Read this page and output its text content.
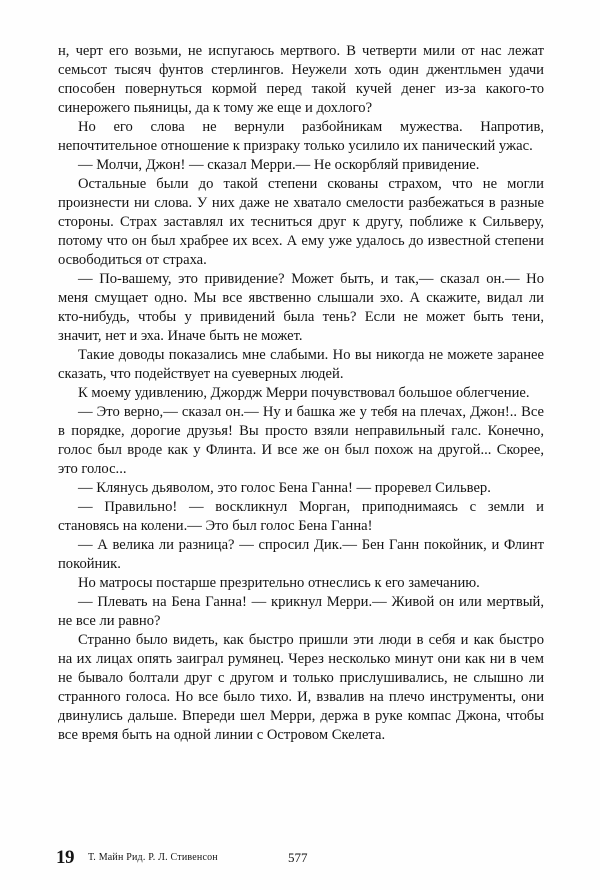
н, черт его возьми, не испугаюсь мертвого. В четверти мили от нас лежат семьсот тысяч фунтов стерлингов. Неужели хоть один джентльмен удачи способен повернуться кормой перед такой кучей денег из-за какого-то синерожего пьяницы, да к тому же еще и дохлого?

Но его слова не вернули разбойникам мужества. Напротив, непочтительное отношение к призраку только усилило их панический ужас.

— Молчи, Джон! — сказал Мерри.— Не оскорбляй привидение.

Остальные были до такой степени скованы страхом, что не могли произнести ни слова. У них даже не хватало смелости разбежаться в разные стороны. Страх заставлял их тесниться друг к другу, поближе к Сильверу, потому что он был храбрее их всех. А ему уже удалось до известной степени освободиться от страха.

— По-вашему, это привидение? Может быть, и так,— сказал он.— Но меня смущает одно. Мы все явственно слышали эхо. А скажите, видал ли кто-нибудь, чтобы у привидений была тень? Если не может быть тени, значит, нет и эха. Иначе быть не может.

Такие доводы показались мне слабыми. Но вы никогда не можете заранее сказать, что подействует на суеверных людей.

К моему удивлению, Джордж Мерри почувствовал большое облегчение.

— Это верно,— сказал он.— Ну и башка же у тебя на плечах, Джон!.. Все в порядке, дорогие друзья! Вы просто взяли неправильный галс. Конечно, голос был вроде как у Флинта. И все же он был похож на другой... Скорее, это голос...

— Клянусь дьяволом, это голос Бена Ганна! — проревел Сильвер.

— Правильно! — воскликнул Морган, приподнимаясь с земли и становясь на колени.— Это был голос Бена Ганна!

— А велика ли разница? — спросил Дик.— Бен Ганн покойник, и Флинт покойник.

Но матросы постарше презрительно отнеслись к его замечанию.

— Плевать на Бена Ганна! — крикнул Мерри.— Живой он или мертвый, не все ли равно?

Странно было видеть, как быстро пришли эти люди в себя и как быстро на их лицах опять заиграл румянец. Через несколько минут они как ни в чем не бывало болтали друг с другом и только прислушивались, не слышно ли странного голоса. Но все было тихо. И, взвалив на плечо инструменты, они двинулись дальше. Впереди шел Мерри, держа в руке компас Джона, чтобы все время быть на одной линии с Островом Скелета.

19 Т. Майн Рид. Р. Л. Стивенсон	577
